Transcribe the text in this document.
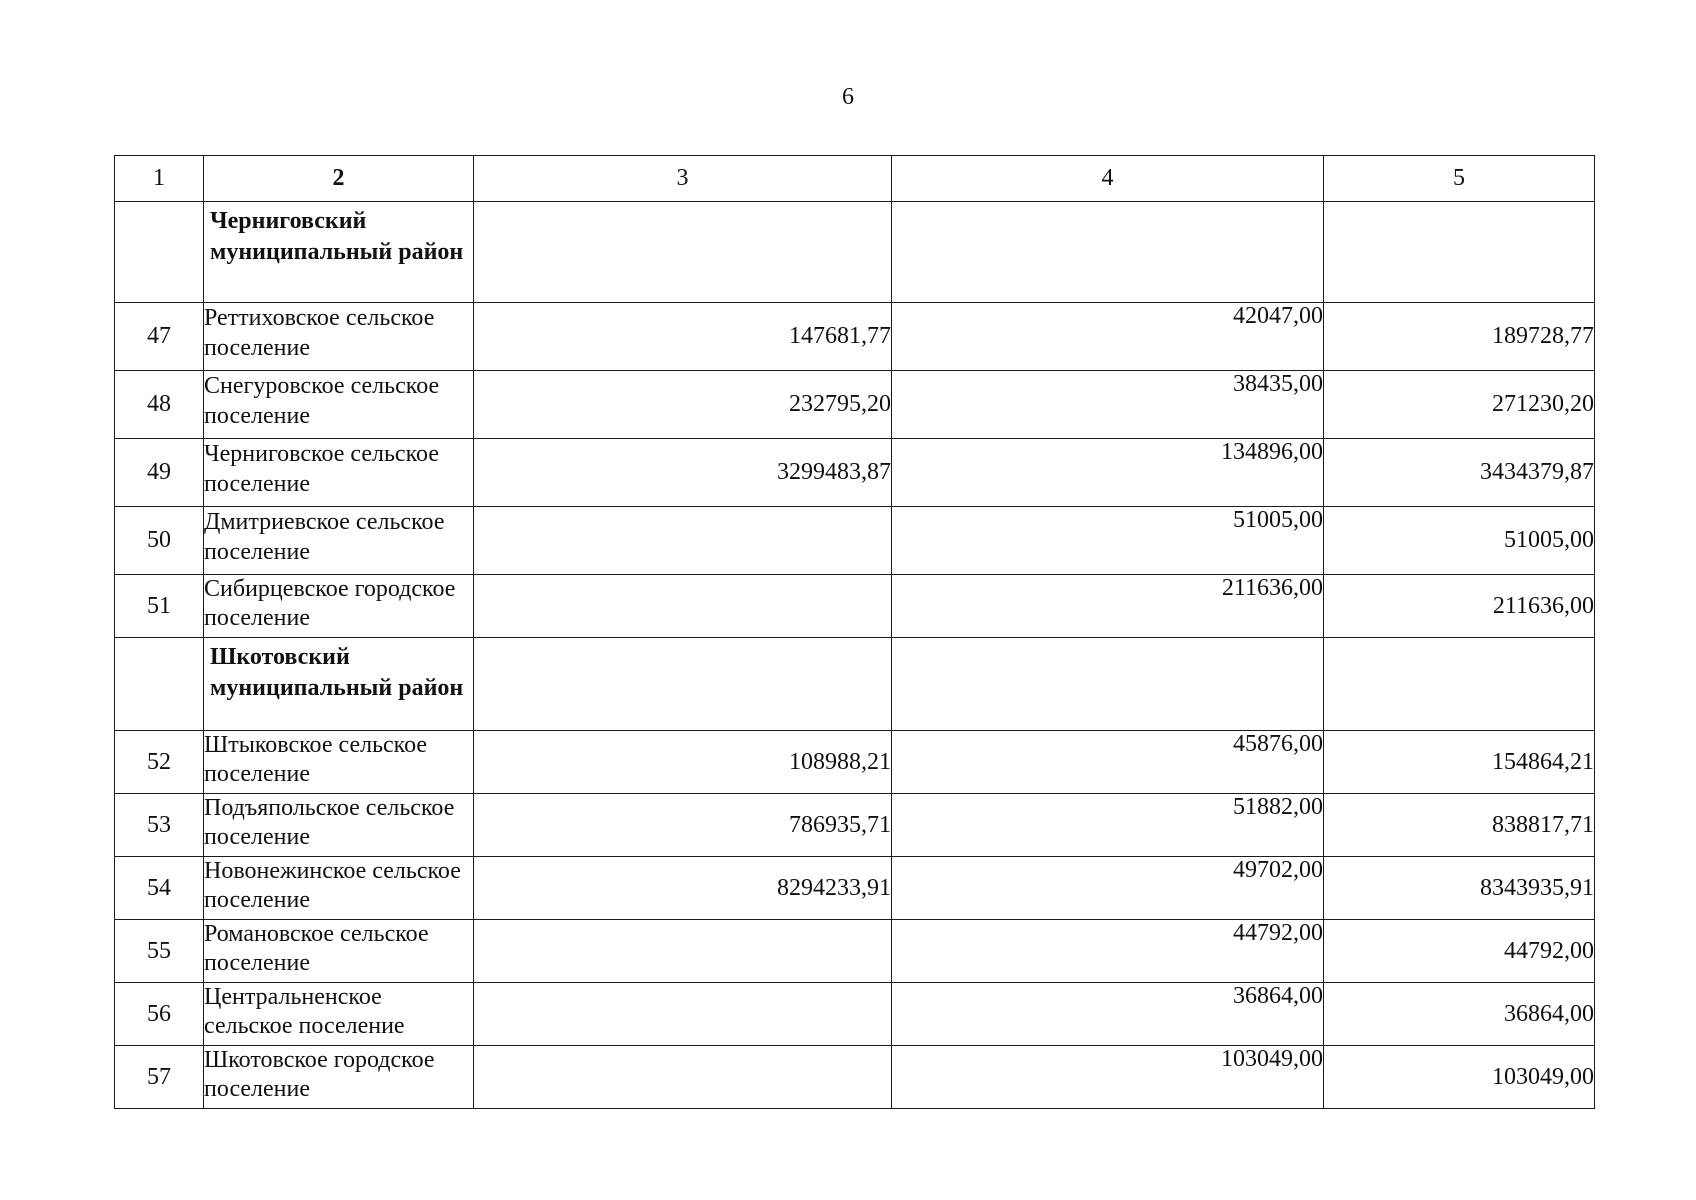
6
1	2	3	4	5
	Черниговский муниципальный район			
47	Реттиховское сельское поселение	147681,77	42047,00	189728,77
48	Снегуровское сельское поселение	232795,20	38435,00	271230,20
49	Черниговское сельское поселение	3299483,87	134896,00	3434379,87
50	Дмитриевское сельское поселение		51005,00	51005,00
51	Сибирцевское городское поселение		211636,00	211636,00
	Шкотовский муниципальный район			
52	Штыковское сельское поселение	108988,21	45876,00	154864,21
53	Подъяпольское сельское поселение	786935,71	51882,00	838817,71
54	Новонежинское сельское поселение	8294233,91	49702,00	8343935,91
55	Романовское сельское поселение		44792,00	44792,00
56	Центральненское сельское поселение		36864,00	36864,00
57	Шкотовское городское поселение		103049,00	103049,00
